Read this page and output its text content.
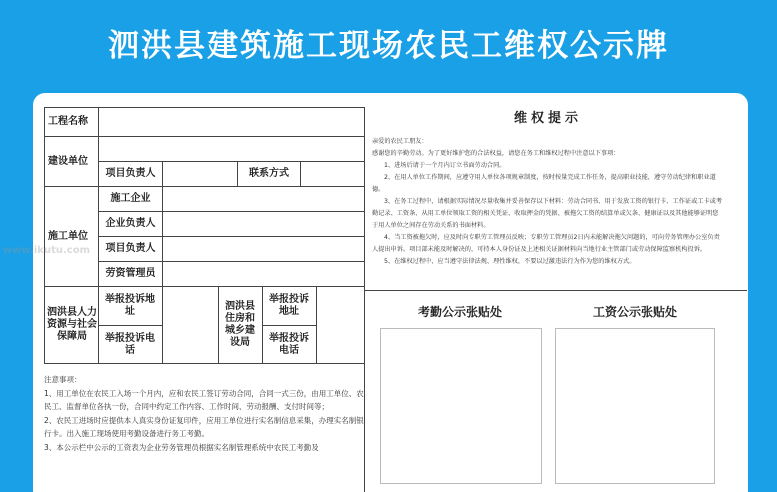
泗洪县建筑施工现场农民工维权公示牌
工程名称
建设单位
项目负责人	联系方式
施工单位
施工企业
企业负责人
项目负责人
劳资管理员
泗洪县人力资源与社会保障局
举报投诉地址
举报投诉电话
泗洪县住房和城乡建设局
举报投诉地址
举报投诉电话
维权提示

亲爱的农民工朋友：

感谢您的辛勤劳动。为了更好维护您的合法权益，请您在务工和维权过程中注意以下事项：

1、进场后请于一个月内订立书面劳动合同。

2、在用人单位工作期间，应遵守用人单位各项规章制度，按时按量完成工作任务，提高职业技能，遵守劳动纪律和职业道德。

3、在务工过程中，请根据实际情况尽量收集并妥善保存以下材料：劳动合同书、用于发放工资的银行卡、工作证或工卡或考勤记录、工资条、从用工单位领取工资的相关凭证、收取押金的凭据、被拖欠工资的结算单或欠条、健康证以及其他能够证明您于用人单位之间存在劳动关系的书面材料。

4、当工资被拖欠时，应及时向专职劳工管理员反映；专职劳工管理员2日内未能解决拖欠问题的，可向劳务管理办公室负责人提出申诉。项目部未能及时解决的，可持本人身份证及上述相关证据材料向当地行业主管部门或劳动保障监察机构投诉。

5、在维权过程中，应当遵守法律法规、理性维权，不要以过激违法行为作为您的维权方式。

考勤公示张贴处	工资公示张贴处

注意事项：

1、用工单位在农民工入场一个月内，应和农民工签订劳动合同，合同一式三份，由用工单位、农民工、监督单位各执一份，合同中约定工作内容、工作时间、劳动报酬、支付时间等；

2、农民工进场时应提供本人真实身份证复印件，应用工单位进行实名制信息采集，办理实名制银行卡。出入施工现场使用考勤设备进行务工考勤。

3、本公示栏中公示的工资表为企业劳务管理员根据实名制管理系统中农民工考勤及

www.ikutu.com
